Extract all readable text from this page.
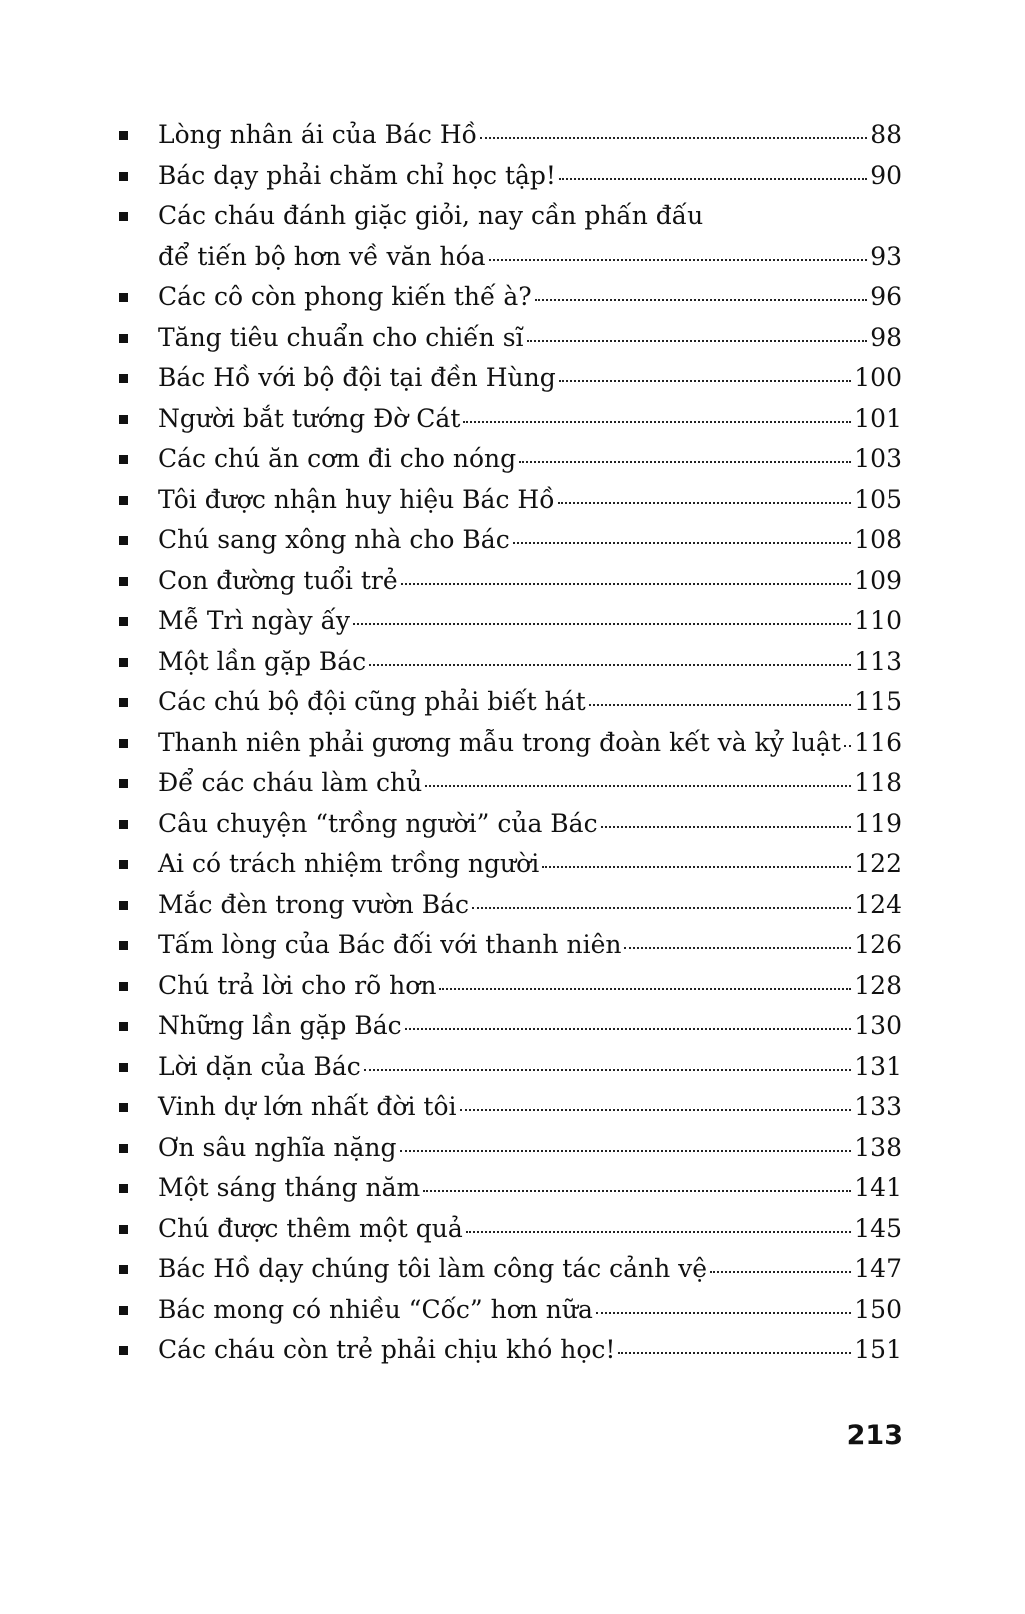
Lòng nhân ái của Bác Hồ	88
Bác dạy phải chăm chỉ học tập!	90
Các cháu đánh giặc giỏi, nay cần phấn đấu
để tiến bộ hơn về văn hóa	93
Các cô còn phong kiến thế à?	96
Tăng tiêu chuẩn cho chiến sĩ	98
Bác Hồ với bộ đội tại đền Hùng	100
Người bắt tướng Đờ Cát	101
Các chú ăn cơm đi cho nóng	103
Tôi được nhận huy hiệu Bác Hồ	105
Chú sang xông nhà cho Bác	108
Con đường tuổi trẻ	109
Mễ Trì ngày ấy	110
Một lần gặp Bác	113
Các chú bộ đội cũng phải biết hát	115
Thanh niên phải gương mẫu trong đoàn kết và kỷ luật 116
Để các cháu làm chủ	118
Câu chuyện “trồng người” của Bác	119
Ai có trách nhiệm trồng người	122
Mắc đèn trong vườn Bác	124
Tấm lòng của Bác đối với thanh niên	126
Chú trả lời cho rõ hơn	128
Những lần gặp Bác	130
Lời dặn của Bác	131
Vinh dự lớn nhất đời tôi	133
Ơn sâu nghĩa nặng	138
Một sáng tháng năm	141
Chú được thêm một quả	145
Bác Hồ dạy chúng tôi làm công tác cảnh vệ	147
Bác mong có nhiều “Cốc” hơn nữa	150
Các cháu còn trẻ phải chịu khó học!	151
213
